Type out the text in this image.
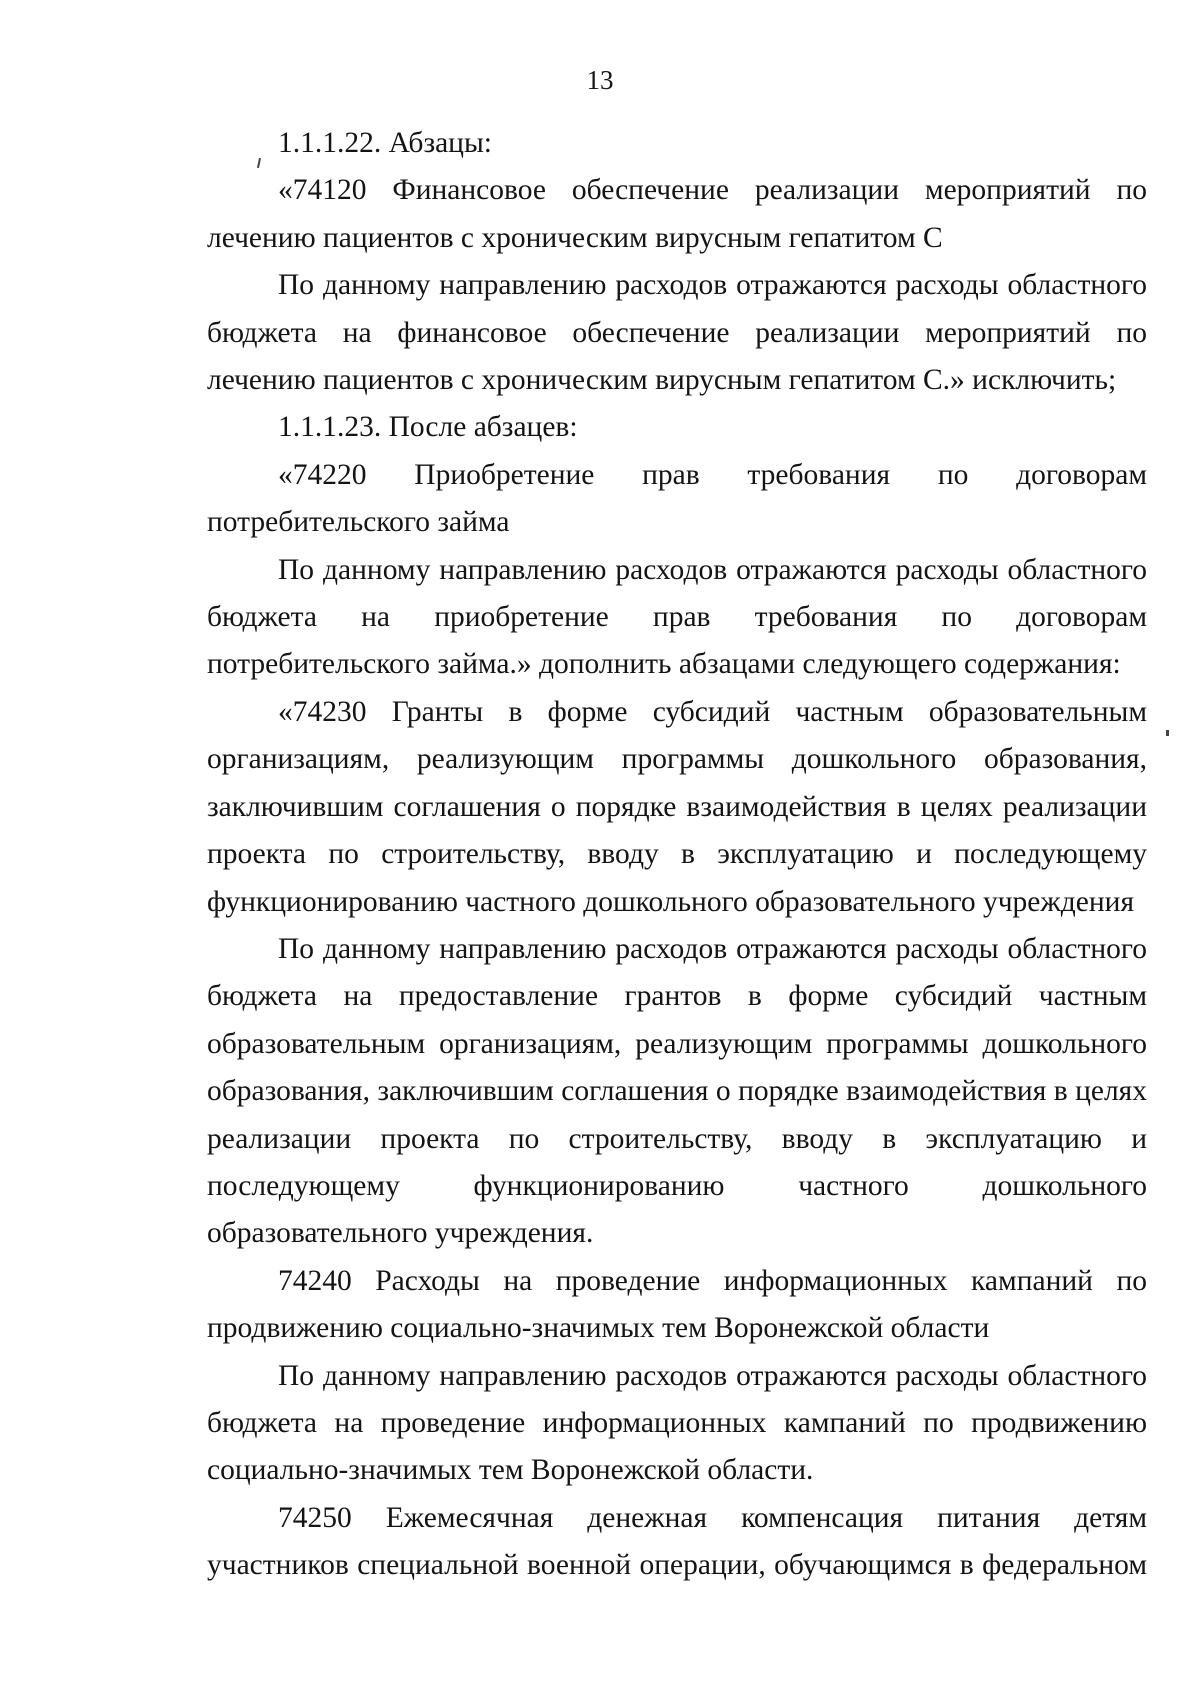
13

1.1.1.22. Абзацы:

«74120 Финансовое обеспечение реализации мероприятий по лечению пациентов с хроническим вирусным гепатитом С

По данному направлению расходов отражаются расходы областного бюджета на финансовое обеспечение реализации мероприятий по лечению пациентов с хроническим вирусным гепатитом С.» исключить;

1.1.1.23. После абзацев:

«74220 Приобретение прав требования по договорам потребительского займа

По данному направлению расходов отражаются расходы областного бюджета на приобретение прав требования по договорам потребительского займа.» дополнить абзацами следующего содержания:

«74230 Гранты в форме субсидий частным образовательным организациям, реализующим программы дошкольного образования, заключившим соглашения о порядке взаимодействия в целях реализации проекта по строительству, вводу в эксплуатацию и последующему функционированию частного дошкольного образовательного учреждения

По данному направлению расходов отражаются расходы областного бюджета на предоставление грантов в форме субсидий частным образовательным организациям, реализующим программы дошкольного образования, заключившим соглашения о порядке взаимодействия в целях реализации проекта по строительству, вводу в эксплуатацию и последующему функционированию частного дошкольного образовательного учреждения.

74240 Расходы на проведение информационных кампаний по продвижению социально-значимых тем Воронежской области

По данному направлению расходов отражаются расходы областного бюджета на проведение информационных кампаний по продвижению социально-значимых тем Воронежской области.

74250 Ежемесячная денежная компенсация питания детям участников специальной военной операции, обучающимся в федеральном
